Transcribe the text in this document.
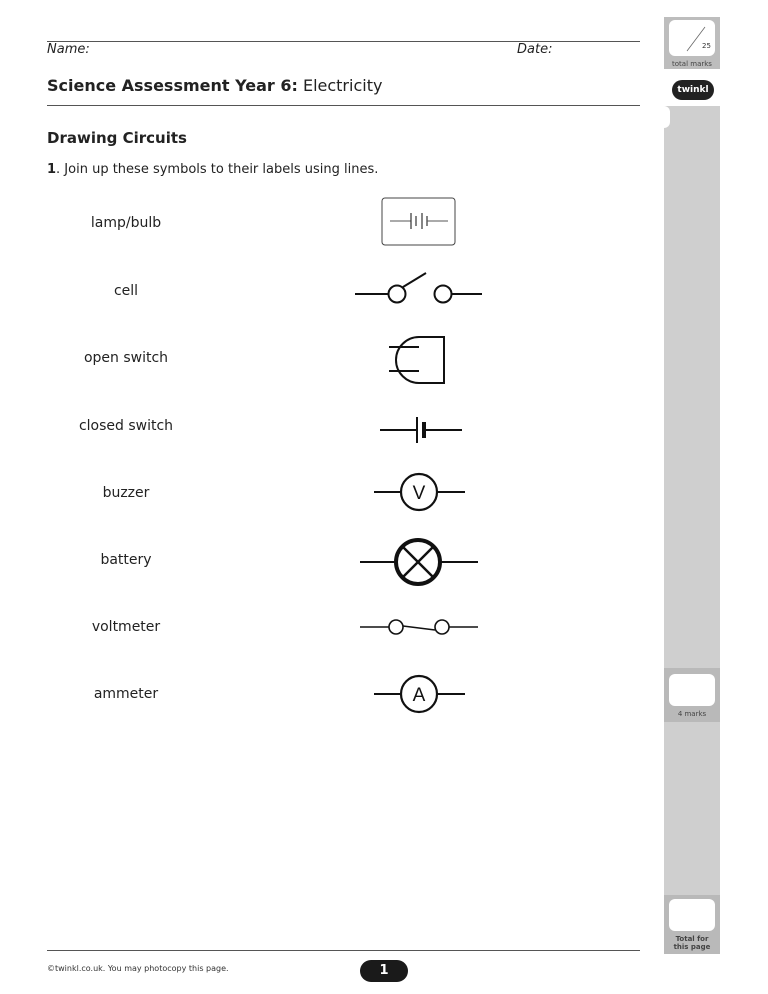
Name:	Date:
Science Assessment Year 6: Electricity
Drawing Circuits
1. Join up these symbols to their labels using lines.
lamp/bulb
cell
open switch
closed switch
buzzer
battery
voltmeter
ammeter
V
A
25
total marks
twinkl
4 marks
Total for
this page
©twinkl.co.uk. You may photocopy this page.	1
